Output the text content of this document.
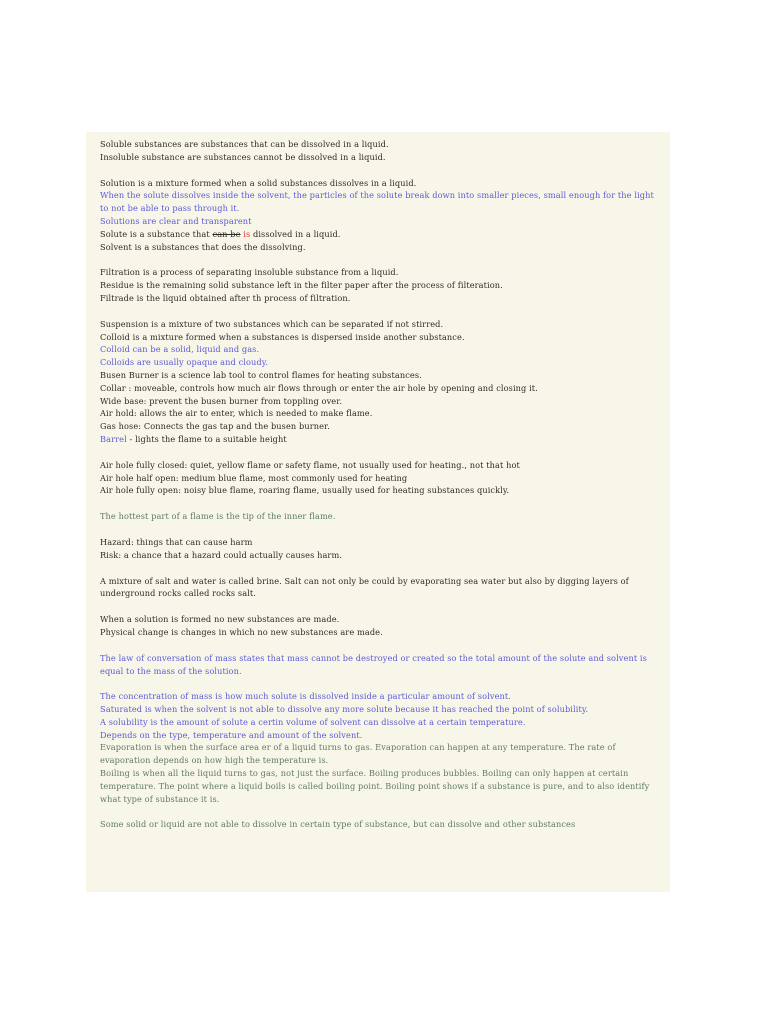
Soluble substances are substances that can be dissolved in a liquid.
Insoluble substance are substances cannot be dissolved in a liquid.
Solution is a mixture formed when a solid substances dissolves in a liquid.
When the solute dissolves inside the solvent, the particles of the solute break down into smaller pieces, small enough for the light to not be able to pass through it.
Solutions are clear and transparent
Solute is a substance that can be is dissolved in a liquid.
Solvent is a substances that does the dissolving.
Filtration is a process of separating insoluble substance from a liquid.
Residue is the remaining solid substance left in the filter paper after the process of filteration.
Filtrade is the liquid obtained after th process of filtration.
Suspension is a mixture of two substances which can be separated if not stirred.
Colloid is a mixture formed when a substances is dispersed inside another substance.
Colloid can be a solid, liquid and gas.
Colloids are usually opaque and cloudy.
Busen Burner is a science lab tool to control flames for heating substances.
Collar : moveable, controls how much air flows through or enter the air hole by opening and closing it.
Wide base: prevent the busen burner from toppling over.
Air hold: allows the air to enter, which is needed to make flame.
Gas hose: Connects the gas tap and the busen burner.
Barrel - lights the flame to a suitable height
Air hole fully closed: quiet, yellow flame or safety flame, not usually used for heating., not that hot
Air hole half open: medium blue flame, most commonly used for heating
Air hole fully open: noisy blue flame, roaring flame, usually used for heating substances quickly.
The hottest part of a flame is the tip of the inner flame.
Hazard: things that can cause harm
Risk: a chance that a hazard could actually causes harm.
A mixture of salt and water is called brine. Salt can not only be could by evaporating sea water but also by digging layers of underground rocks called rocks salt.
When a solution is formed no new substances are made.
Physical change is changes in which no new substances are made.
The law of conversation of mass states that mass cannot be destroyed or created so the total amount of the solute and solvent is equal to the mass of the solution.
The concentration of mass is how much solute is dissolved inside a particular amount of solvent.
Saturated is when the solvent is not able to dissolve any more solute because it has reached the point of solubility.
A solubility is the amount of solute a certin volume of solvent can dissolve at a certain temperature.
Depends on the type, temperature and amount of the solvent.
Evaporation is when the surface area er of a liquid turns to gas. Evaporation can happen at any temperature. The rate of evaporation depends on how high the temperature is.
Boiling is when all the liquid turns to gas, not just the surface. Boiling produces bubbles. Boiling can only happen at certain temperature. The point where a liquid boils is called boiling point. Boiling point shows if a substance is pure, and to also identify what type of substance it is.
Some solid or liquid are not able to dissolve in certain type of substance, but can dissolve and other substances
